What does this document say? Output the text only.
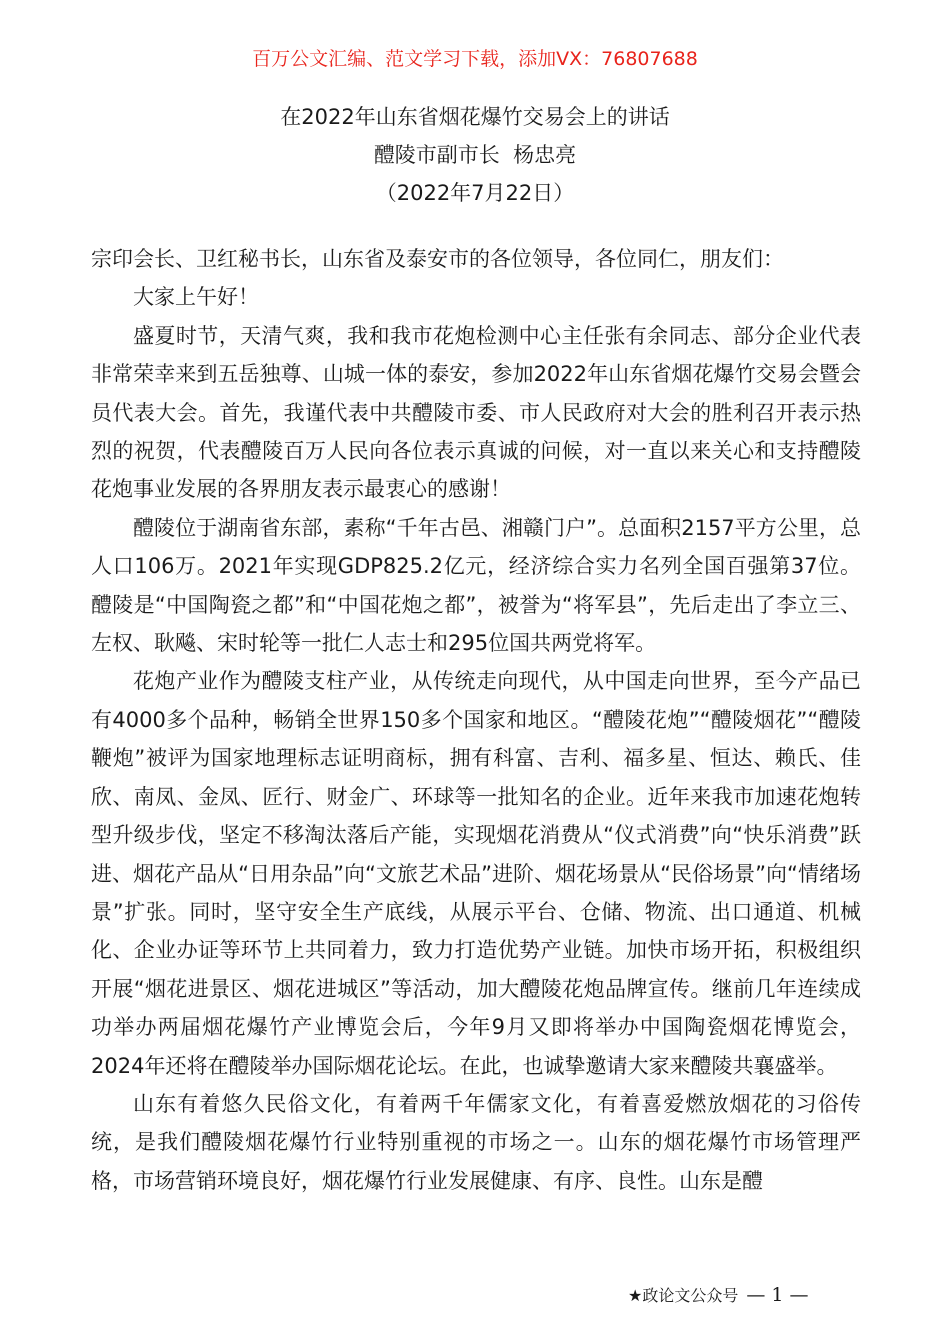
百万公文汇编、范文学习下载，添加VX：76807688
在2022年山东省烟花爆竹交易会上的讲话
醴陵市副市长  杨忠亮
（2022年7月22日）

宗印会长、卫红秘书长，山东省及泰安市的各位领导，各位同仁，朋友们：

大家上午好！

盛夏时节，天清气爽，我和我市花炮检测中心主任张有余同志、部分企业代表非常荣幸来到五岳独尊、山城一体的泰安，参加2022年山东省烟花爆竹交易会暨会员代表大会。首先，我谨代表中共醴陵市委、市人民政府对大会的胜利召开表示热烈的祝贺，代表醴陵百万人民向各位表示真诚的问候，对一直以来关心和支持醴陵花炮事业发展的各界朋友表示最衷心的感谢！

醴陵位于湖南省东部，素称“千年古邑、湘赣门户”。总面积2157平方公里，总人口106万。2021年实现GDP825.2亿元，经济综合实力名列全国百强第37位。醴陵是“中国陶瓷之都”和“中国花炮之都”，被誉为“将军县”，先后走出了李立三、左权、耿飚、宋时轮等一批仁人志士和295位国共两党将军。

花炮产业作为醴陵支柱产业，从传统走向现代，从中国走向世界，至今产品已有4000多个品种，畅销全世界150多个国家和地区。“醴陵花炮”“醴陵烟花”“醴陵鞭炮”被评为国家地理标志证明商标，拥有科富、吉利、福多星、恒达、赖氏、佳欣、南凤、金凤、匠行、财金广、环球等一批知名的企业。近年来我市加速花炮转型升级步伐，坚定不移淘汰落后产能，实现烟花消费从“仪式消费”向“快乐消费”跃进、烟花产品从“日用杂品”向“文旅艺术品”进阶、烟花场景从“民俗场景”向“情绪场景”扩张。同时，坚守安全生产底线，从展示平台、仓储、物流、出口通道、机械化、企业办证等环节上共同着力，致力打造优势产业链。加快市场开拓，积极组织开展“烟花进景区、烟花进城区”等活动，加大醴陵花炮品牌宣传。继前几年连续成功举办两届烟花爆竹产业博览会后，今年9月又即将举办中国陶瓷烟花博览会，2024年还将在醴陵举办国际烟花论坛。在此，也诚挚邀请大家来醴陵共襄盛举。

山东有着悠久民俗文化，有着两千年儒家文化，有着喜爱燃放烟花的习俗传统，是我们醴陵烟花爆竹行业特别重视的市场之一。山东的烟花爆竹市场管理严格，市场营销环境良好，烟花爆竹行业发展健康、有序、良性。山东是醴

★政论文公众号 — 1 —
